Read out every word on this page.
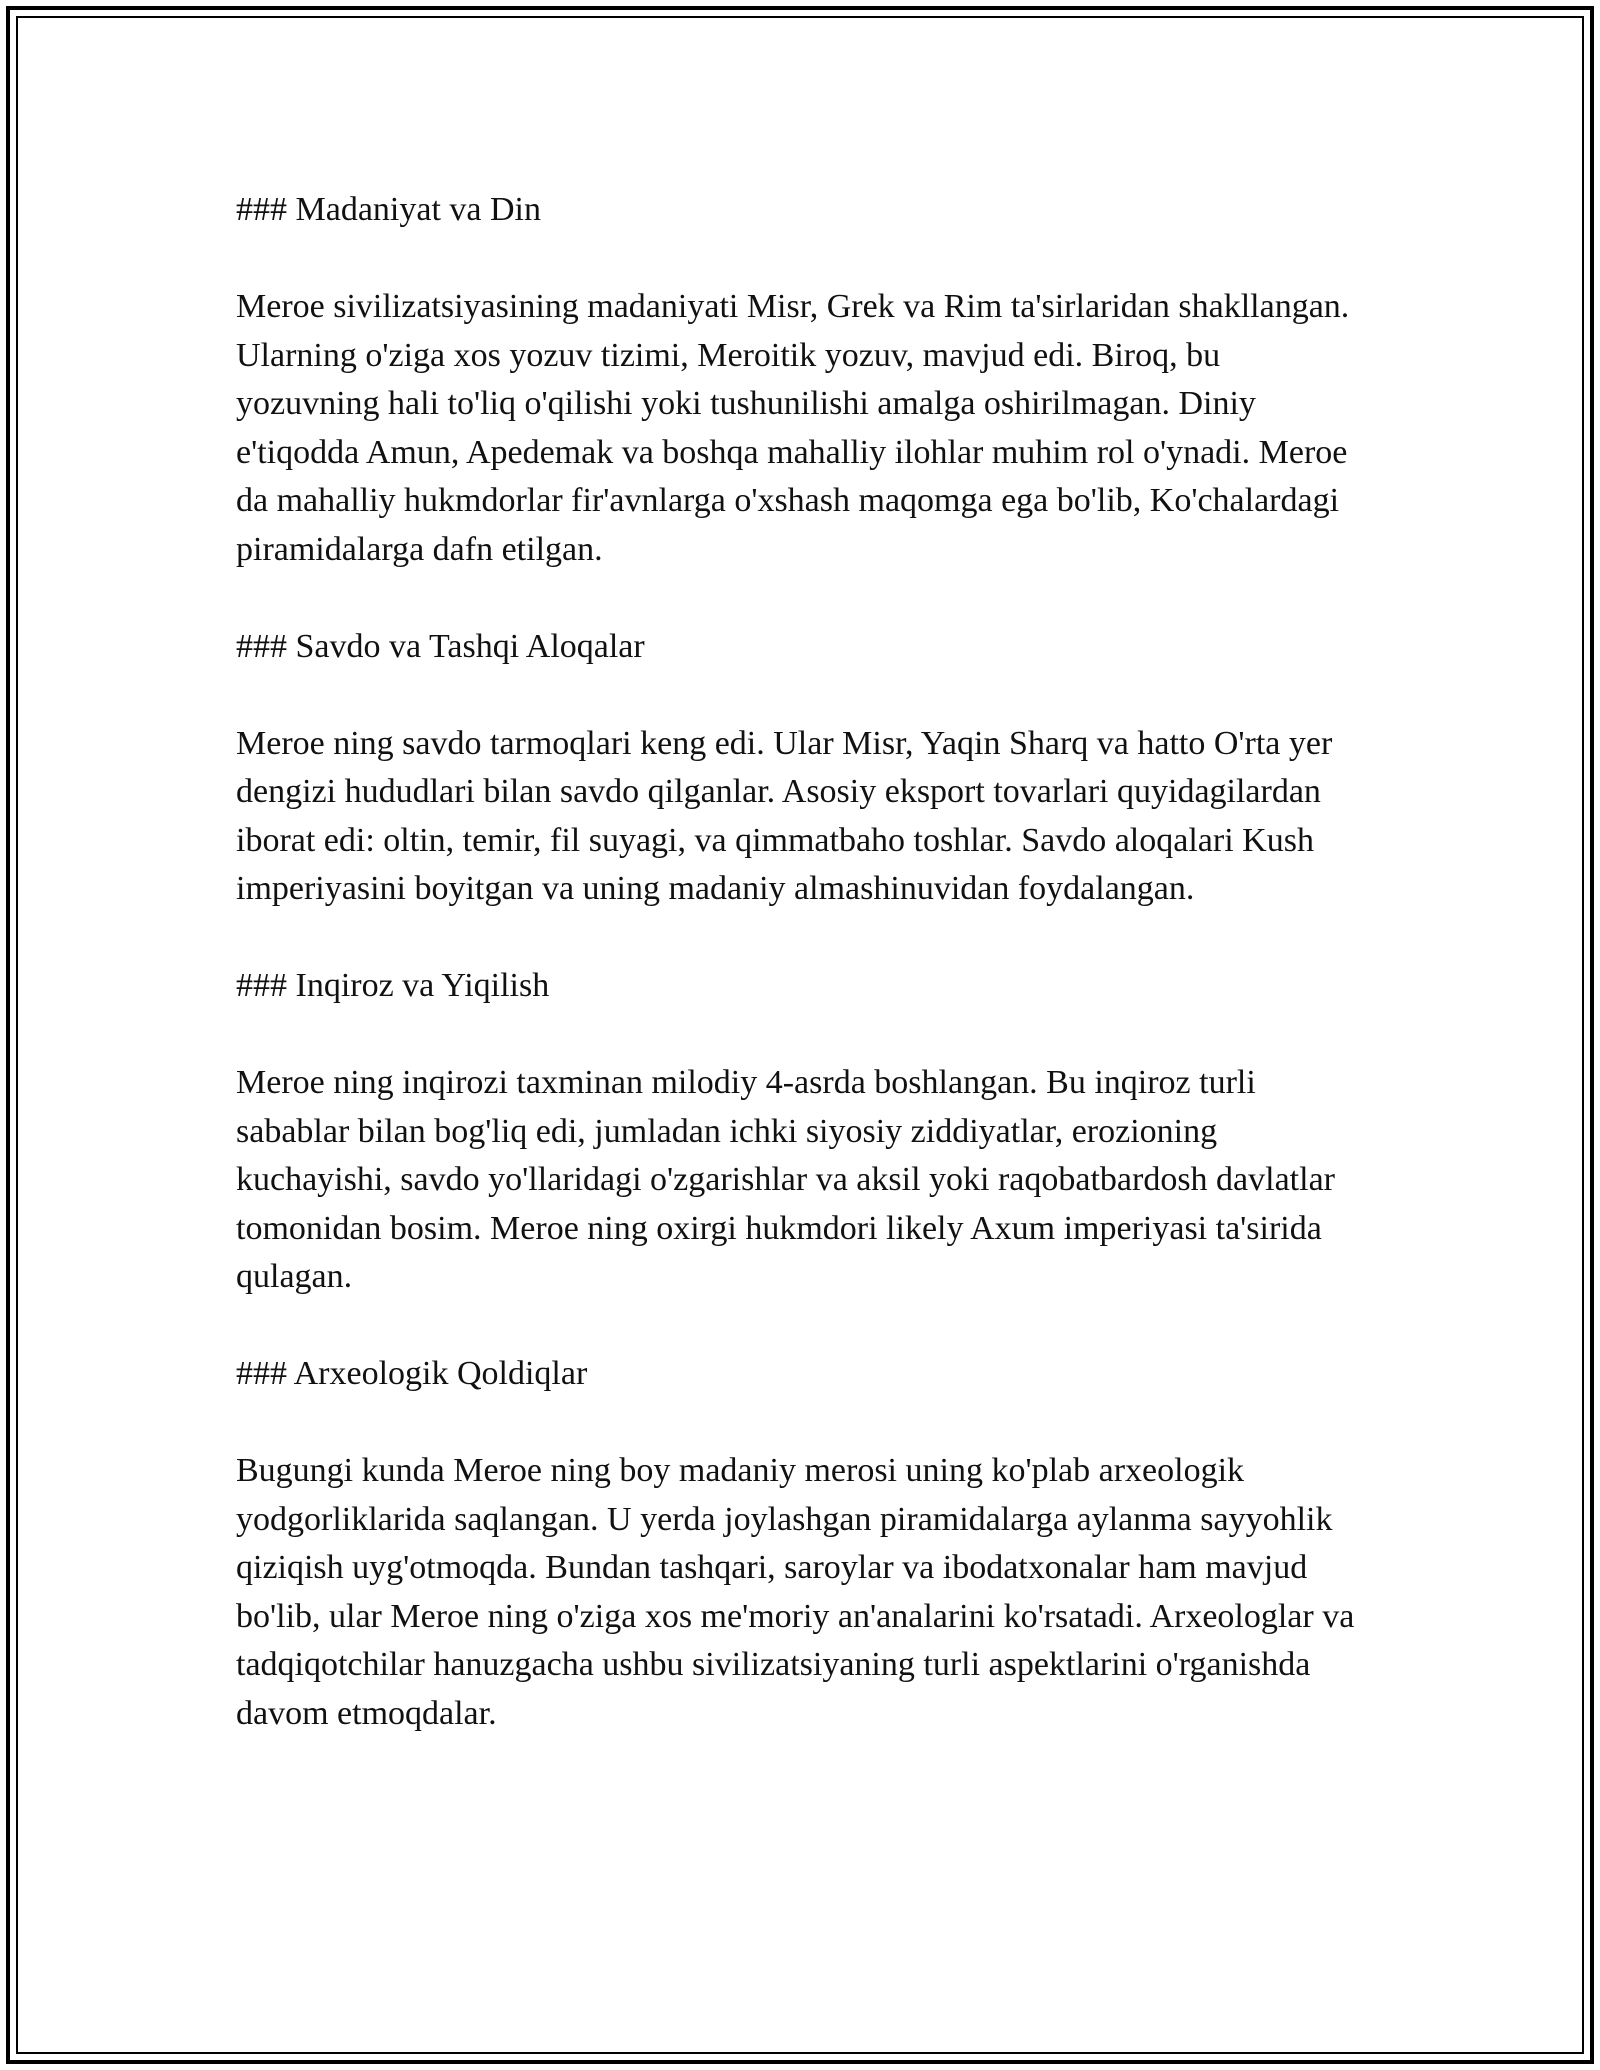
### Madaniyat va Din

Meroe sivilizatsiyasining madaniyati Misr, Grek va Rim ta'sirlaridan shakllangan. Ularning o'ziga xos yozuv tizimi, Meroitik yozuv, mavjud edi. Biroq, bu yozuvning hali to'liq o'qilishi yoki tushunilishi amalga oshirilmagan. Diniy e'tiqodda Amun, Apedemak va boshqa mahalliy ilohlar muhim rol o'ynadi. Meroe da mahalliy hukmdorlar fir'avnlarga o'xshash maqomga ega bo'lib, Ko'chalardagi piramidalarga dafn etilgan.

### Savdo va Tashqi Aloqalar

Meroe ning savdo tarmoqlari keng edi. Ular Misr, Yaqin Sharq va hatto O'rta yer dengizi hududlari bilan savdo qilganlar. Asosiy eksport tovarlari quyidagilardan iborat edi: oltin, temir, fil suyagi, va qimmatbaho toshlar. Savdo aloqalari Kush imperiyasini boyitgan va uning madaniy almashinuvidan foydalangan.

### Inqiroz va Yiqilish

Meroe ning inqirozi taxminan milodiy 4-asrda boshlangan. Bu inqiroz turli sabablar bilan bog'liq edi, jumladan ichki siyosiy ziddiyatlar, erozioning kuchayishi, savdo yo'llaridagi o'zgarishlar va aksil yoki raqobatbardosh davlatlar tomonidan bosim. Meroe ning oxirgi hukmdori likely Axum imperiyasi ta'sirida qulagan.

### Arxeologik Qoldiqlar

Bugungi kunda Meroe ning boy madaniy merosi uning ko'plab arxeologik yodgorliklarida saqlangan. U yerda joylashgan piramidalarga aylanma sayyohlik qiziqish uyg'otmoqda. Bundan tashqari, saroylar va ibodatxonalar ham mavjud bo'lib, ular Meroe ning o'ziga xos me'moriy an'analarini ko'rsatadi. Arxeologlar va tadqiqotchilar hanuzgacha ushbu sivilizatsiyaning turli aspektlarini o'rganishda davom etmoqdalar.
